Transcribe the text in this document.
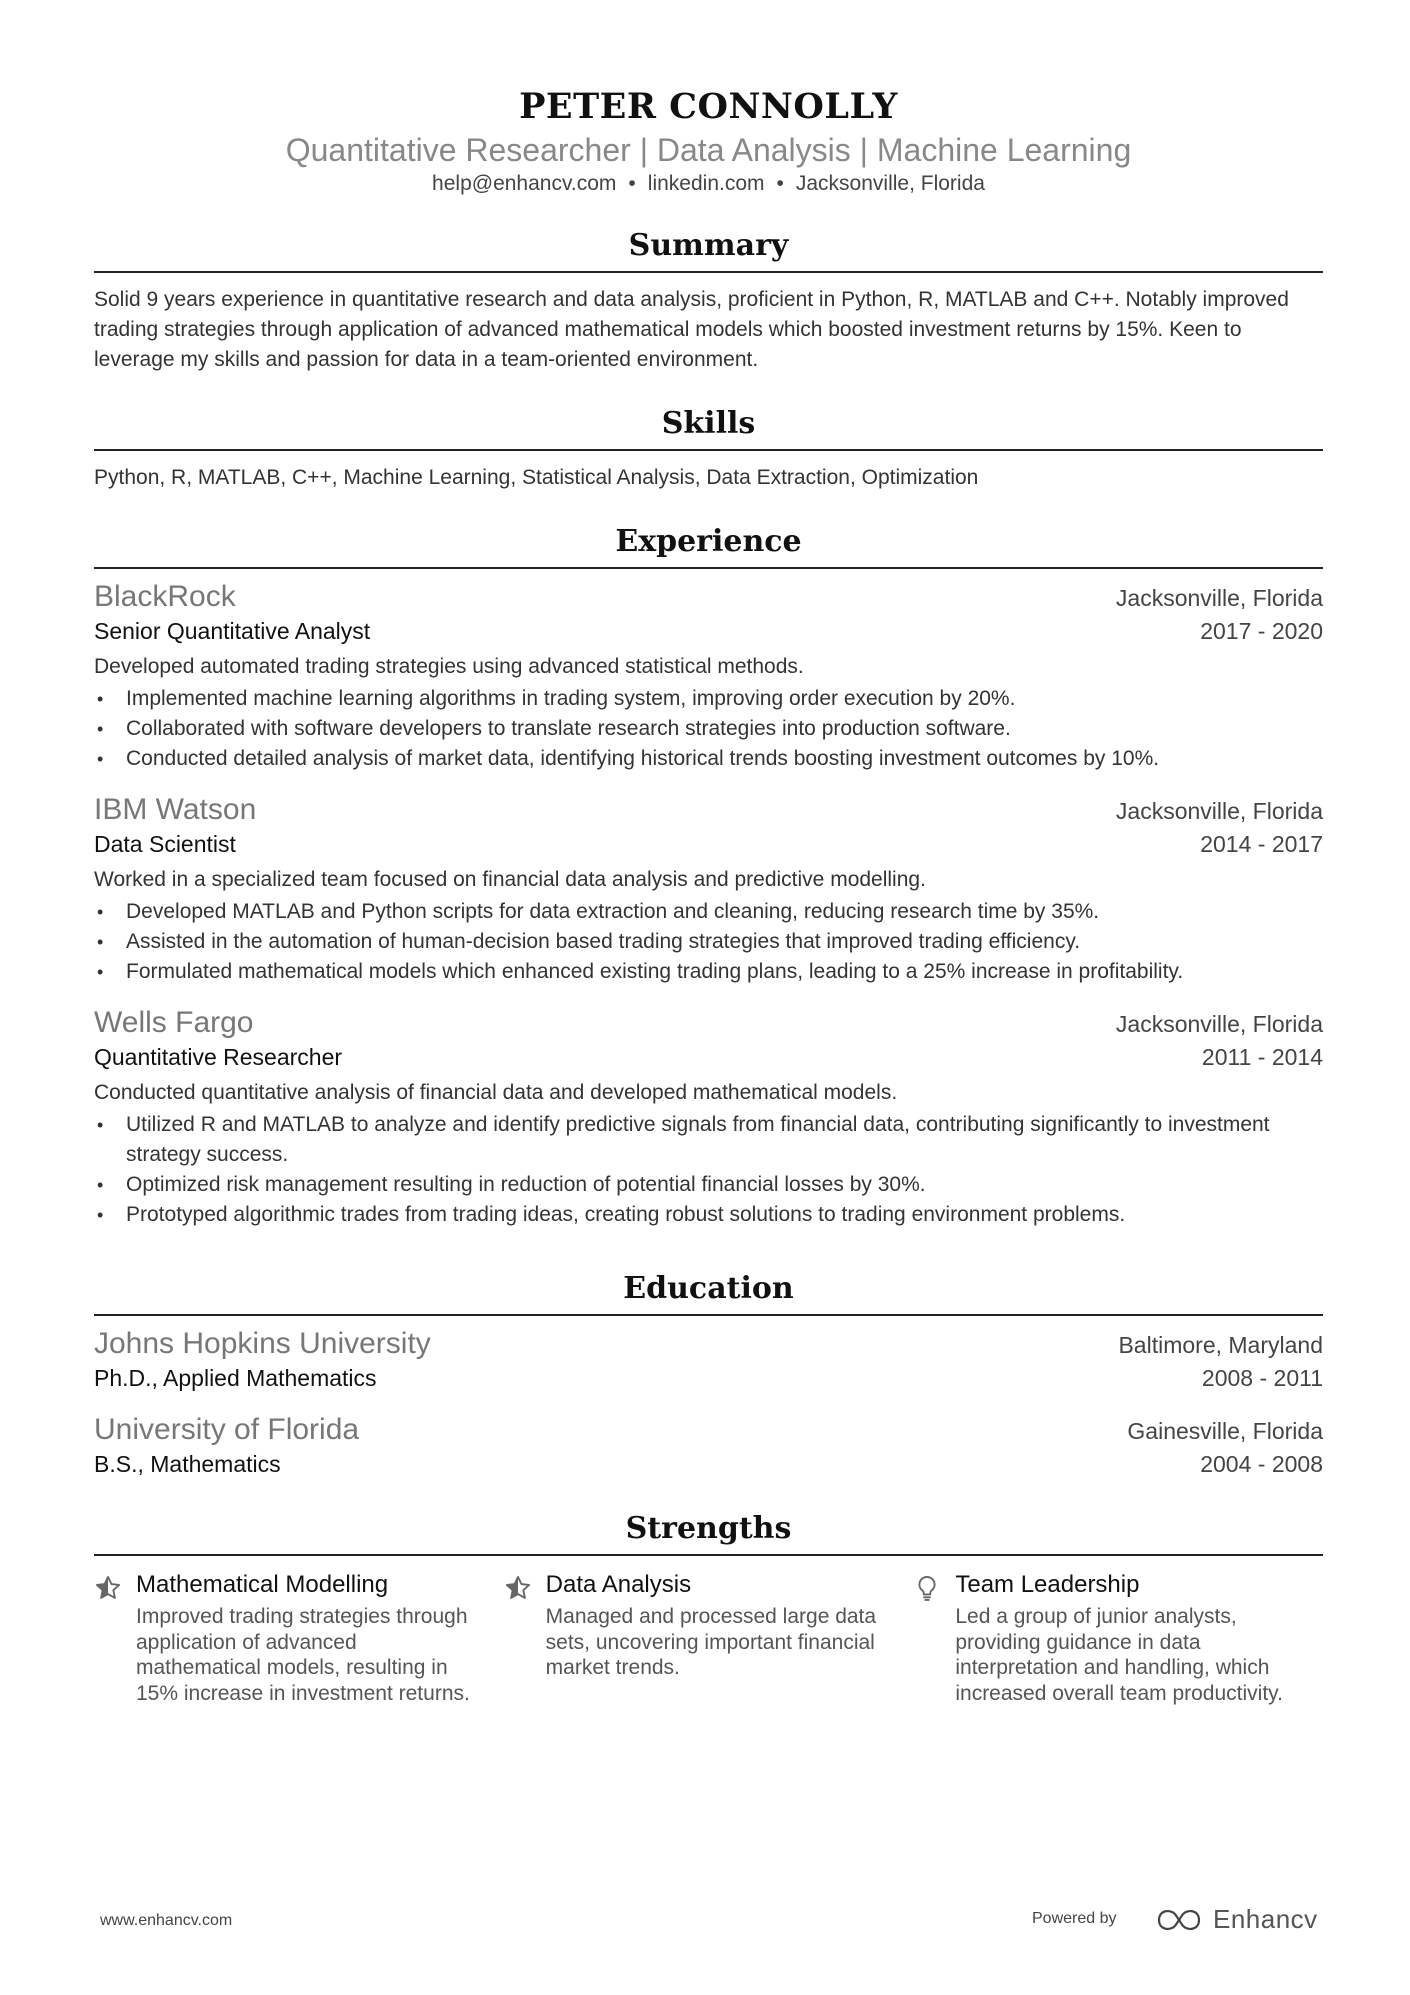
PETER CONNOLLY
Quantitative Researcher | Data Analysis | Machine Learning
help@enhancv.com • linkedin.com • Jacksonville, Florida
Summary
Solid 9 years experience in quantitative research and data analysis, proficient in Python, R, MATLAB and C++. Notably improved trading strategies through application of advanced mathematical models which boosted investment returns by 15%. Keen to leverage my skills and passion for data in a team-oriented environment.
Skills
Python, R, MATLAB, C++, Machine Learning, Statistical Analysis, Data Extraction, Optimization
Experience
BlackRock	Jacksonville, Florida
Senior Quantitative Analyst	2017 - 2020
Developed automated trading strategies using advanced statistical methods.
• Implemented machine learning algorithms in trading system, improving order execution by 20%.
• Collaborated with software developers to translate research strategies into production software.
• Conducted detailed analysis of market data, identifying historical trends boosting investment outcomes by 10%.
IBM Watson	Jacksonville, Florida
Data Scientist	2014 - 2017
Worked in a specialized team focused on financial data analysis and predictive modelling.
• Developed MATLAB and Python scripts for data extraction and cleaning, reducing research time by 35%.
• Assisted in the automation of human-decision based trading strategies that improved trading efficiency.
• Formulated mathematical models which enhanced existing trading plans, leading to a 25% increase in profitability.
Wells Fargo	Jacksonville, Florida
Quantitative Researcher	2011 - 2014
Conducted quantitative analysis of financial data and developed mathematical models.
• Utilized R and MATLAB to analyze and identify predictive signals from financial data, contributing significantly to investment strategy success.
• Optimized risk management resulting in reduction of potential financial losses by 30%.
• Prototyped algorithmic trades from trading ideas, creating robust solutions to trading environment problems.
Education
Johns Hopkins University	Baltimore, Maryland
Ph.D., Applied Mathematics	2008 - 2011
University of Florida	Gainesville, Florida
B.S., Mathematics	2004 - 2008
Strengths
Mathematical Modelling
Improved trading strategies through application of advanced mathematical models, resulting in 15% increase in investment returns.
Data Analysis
Managed and processed large data sets, uncovering important financial market trends.
Team Leadership
Led a group of junior analysts, providing guidance in data interpretation and handling, which increased overall team productivity.
www.enhancv.com	Powered by	Enhancv
